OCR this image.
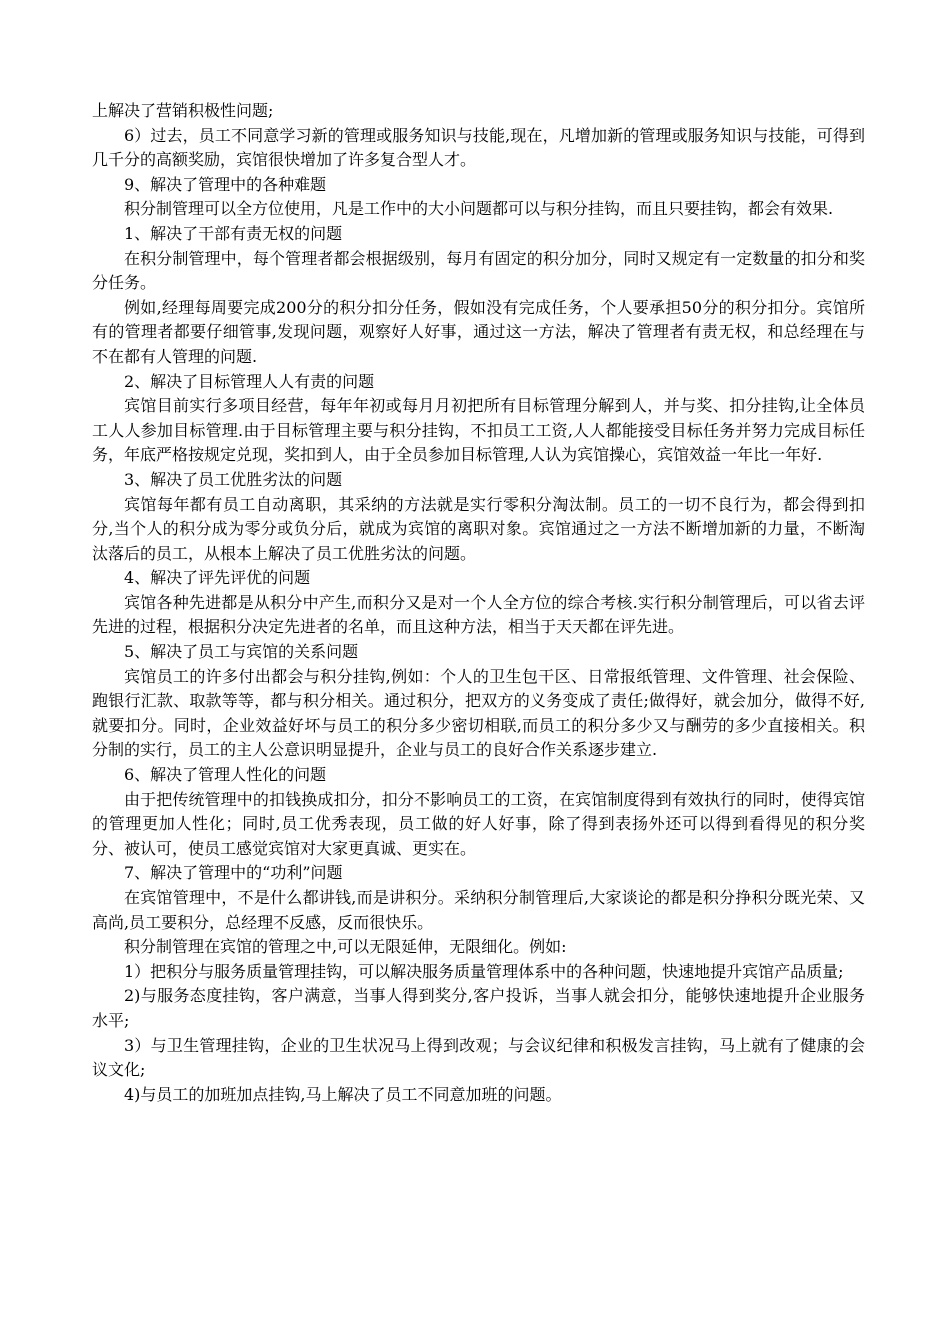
上解决了营销积极性问题;

6）过去，员工不同意学习新的管理或服务知识与技能,现在，凡增加新的管理或服务知识与技能，可得到几千分的高额奖励，宾馆很快增加了许多复合型人才。

9、解决了管理中的各种难题

积分制管理可以全方位使用，凡是工作中的大小问题都可以与积分挂钩，而且只要挂钩，都会有效果.

1、解决了干部有责无权的问题

在积分制管理中，每个管理者都会根据级别，每月有固定的积分加分，同时又规定有一定数量的扣分和奖分任务。

例如,经理每周要完成200分的积分扣分任务，假如没有完成任务，个人要承担50分的积分扣分。宾馆所有的管理者都要仔细管事,发现问题，观察好人好事，通过这一方法，解决了管理者有责无权，和总经理在与不在都有人管理的问题.

2、解决了目标管理人人有责的问题

宾馆目前实行多项目经营，每年年初或每月月初把所有目标管理分解到人，并与奖、扣分挂钩,让全体员工人人参加目标管理.由于目标管理主要与积分挂钩，不扣员工工资,人人都能接受目标任务并努力完成目标任务，年底严格按规定兑现，奖扣到人，由于全员参加目标管理,人认为宾馆操心，宾馆效益一年比一年好.

3、解决了员工优胜劣汰的问题

宾馆每年都有员工自动离职，其采纳的方法就是实行零积分淘汰制。员工的一切不良行为，都会得到扣分,当个人的积分成为零分或负分后，就成为宾馆的离职对象。宾馆通过之一方法不断增加新的力量，不断淘汰落后的员工，从根本上解决了员工优胜劣汰的问题。

4、解决了评先评优的问题

宾馆各种先进都是从积分中产生,而积分又是对一个人全方位的综合考核.实行积分制管理后，可以省去评先进的过程，根据积分决定先进者的名单，而且这种方法，相当于天天都在评先进。

5、解决了员工与宾馆的关系问题

宾馆员工的许多付出都会与积分挂钩,例如：个人的卫生包干区、日常报纸管理、文件管理、社会保险、跑银行汇款、取款等等，都与积分相关。通过积分，把双方的义务变成了责任;做得好，就会加分，做得不好,就要扣分。同时，企业效益好坏与员工的积分多少密切相联,而员工的积分多少又与酬劳的多少直接相关。积分制的实行，员工的主人公意识明显提升，企业与员工的良好合作关系逐步建立.

6、解决了管理人性化的问题

由于把传统管理中的扣钱换成扣分，扣分不影响员工的工资，在宾馆制度得到有效执行的同时，使得宾馆的管理更加人性化；同时,员工优秀表现，员工做的好人好事，除了得到表扬外还可以得到看得见的积分奖分、被认可，使员工感觉宾馆对大家更真诚、更实在。

7、解决了管理中的“功利”问题

在宾馆管理中，不是什么都讲钱,而是讲积分。采纳积分制管理后,大家谈论的都是积分挣积分既光荣、又高尚,员工要积分，总经理不反感，反而很快乐。

积分制管理在宾馆的管理之中,可以无限延伸，无限细化。例如:

1）把积分与服务质量管理挂钩，可以解决服务质量管理体系中的各种问题，快速地提升宾馆产品质量;

2)与服务态度挂钩，客户满意，当事人得到奖分,客户投诉，当事人就会扣分，能够快速地提升企业服务水平;

3）与卫生管理挂钩，企业的卫生状况马上得到改观；与会议纪律和积极发言挂钩，马上就有了健康的会议文化;

4)与员工的加班加点挂钩,马上解决了员工不同意加班的问题。
